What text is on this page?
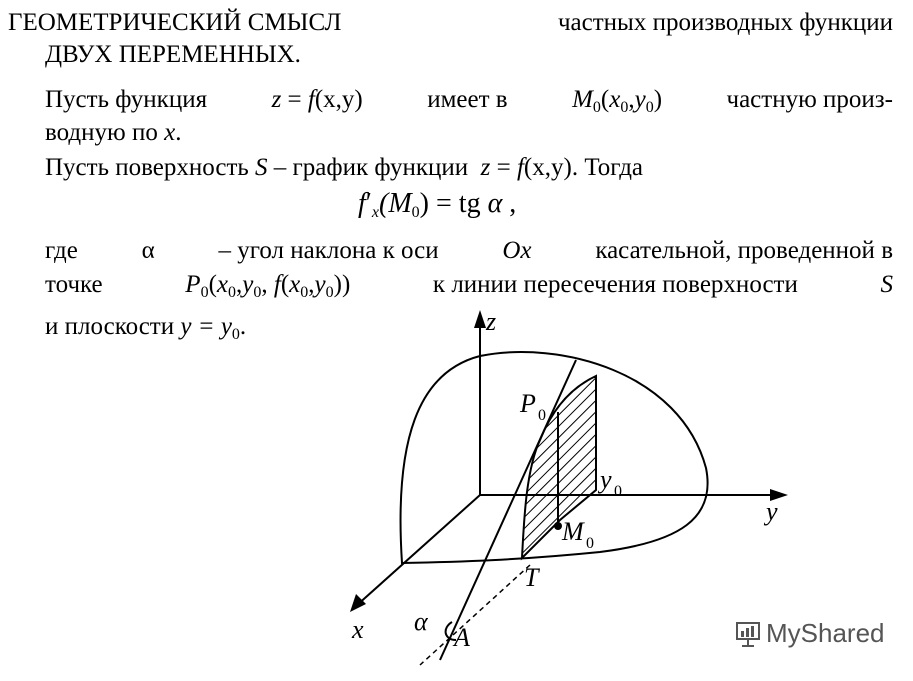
ГЕОМЕТРИЧЕСКИЙ СМЫСЛ	частных производных функции
ДВУХ ПЕРЕМЕННЫХ.
Пусть функция	z = f(x,y)	имеет в	$M_0(x_0,y_0)$	частную произ-
водную по x.
Пусть поверхность S – график функции z = f(x,y). Тогда
$f'_x(M_0)$ = tg α ,
где	α	– угол наклона к оси	Ox	касательной, проведенной в
точке	$P_0(x_0,y_0$, $f(x_0,y_0)$)	к линии пересечения поверхности	S
и плоскости $y = y_0$.	z
y
x
P 0
y 0
M 0
T
α
A	MyShared
